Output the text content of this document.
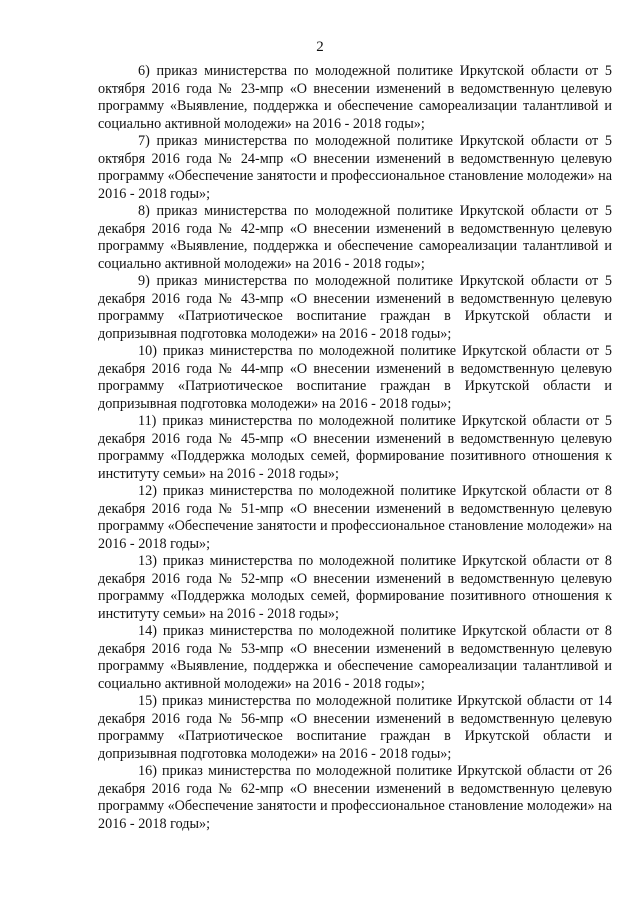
2

6) приказ министерства по молодежной политике Иркутской области от 5 октября 2016 года № 23-мпр «О внесении изменений в ведомственную целевую программу «Выявление, поддержка и обеспечение самореализации талантливой и социально активной молодежи» на 2016 - 2018 годы»;

7) приказ министерства по молодежной политике Иркутской области от 5 октября 2016 года № 24-мпр «О внесении изменений в ведомственную целевую программу «Обеспечение занятости и профессиональное становление молодежи» на 2016 - 2018 годы»;

8) приказ министерства по молодежной политике Иркутской области от 5 декабря 2016 года № 42-мпр «О внесении изменений в ведомственную целевую программу «Выявление, поддержка и обеспечение самореализации талантливой и социально активной молодежи» на 2016 - 2018 годы»;

9) приказ министерства по молодежной политике Иркутской области от 5 декабря 2016 года № 43-мпр «О внесении изменений в ведомственную целевую программу «Патриотическое воспитание граждан в Иркутской области и допризывная подготовка молодежи» на 2016 - 2018 годы»;

10) приказ министерства по молодежной политике Иркутской области от 5 декабря 2016 года № 44-мпр «О внесении изменений в ведомственную целевую программу «Патриотическое воспитание граждан в Иркутской области и допризывная подготовка молодежи» на 2016 - 2018 годы»;

11) приказ министерства по молодежной политике Иркутской области от 5 декабря 2016 года № 45-мпр «О внесении изменений в ведомственную целевую программу «Поддержка молодых семей, формирование позитивного отношения к институту семьи» на 2016 - 2018 годы»;

12) приказ министерства по молодежной политике Иркутской области от 8 декабря 2016 года № 51-мпр «О внесении изменений в ведомственную целевую программу «Обеспечение занятости и профессиональное становление молодежи» на 2016 - 2018 годы»;

13) приказ министерства по молодежной политике Иркутской области от 8 декабря 2016 года № 52-мпр «О внесении изменений в ведомственную целевую программу «Поддержка молодых семей, формирование позитивного отношения к институту семьи» на 2016 - 2018 годы»;

14) приказ министерства по молодежной политике Иркутской области от 8 декабря 2016 года № 53-мпр «О внесении изменений в ведомственную целевую программу «Выявление, поддержка и обеспечение самореализации талантливой и социально активной молодежи» на 2016 - 2018 годы»;

15) приказ министерства по молодежной политике Иркутской области от 14 декабря 2016 года № 56-мпр «О внесении изменений в ведомственную целевую программу «Патриотическое воспитание граждан в Иркутской области и допризывная подготовка молодежи» на 2016 - 2018 годы»;

16) приказ министерства по молодежной политике Иркутской области от 26 декабря 2016 года № 62-мпр «О внесении изменений в ведомственную целевую программу «Обеспечение занятости и профессиональное становление молодежи» на 2016 - 2018 годы»;
